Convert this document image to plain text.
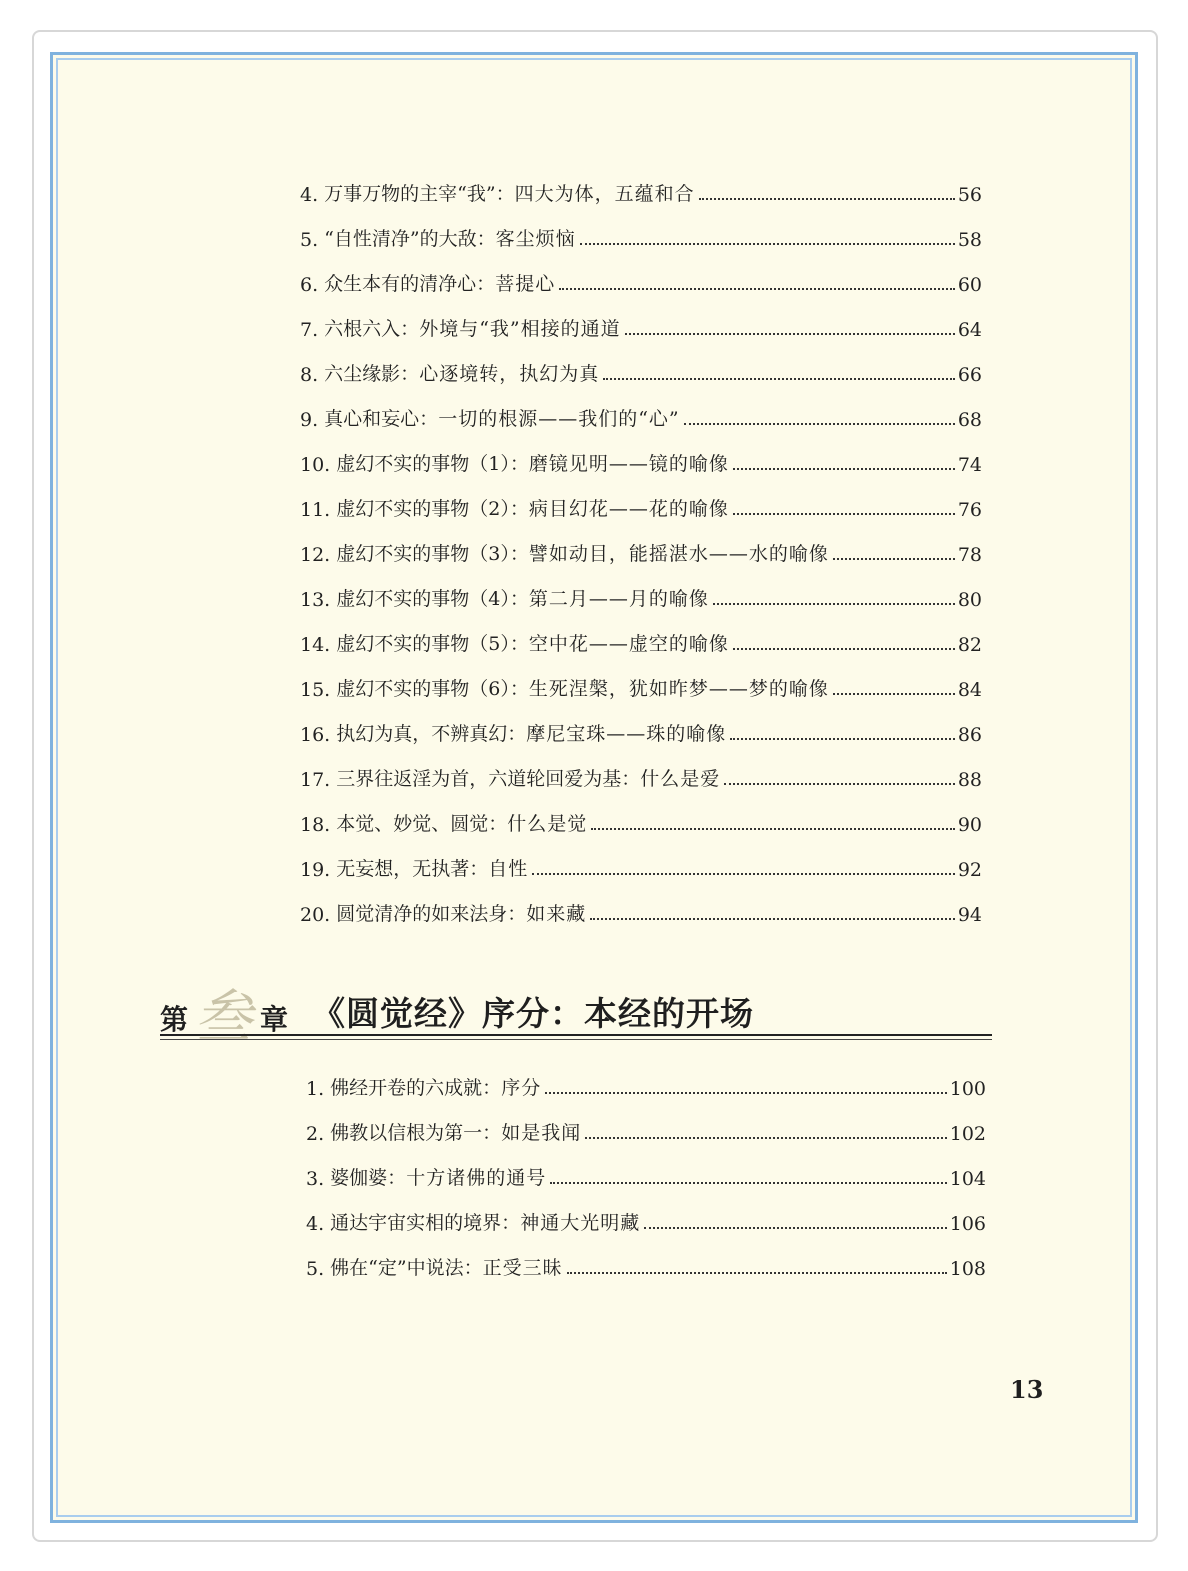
4. 万事万物的主宰“我”： 四大为体，五蕴和合	56
5. “自性清净”的大敌： 客尘烦恼	58
6. 众生本有的清净心： 菩提心	60
7. 六根六入： 外境与“我”相接的通道	64
8. 六尘缘影： 心逐境转，执幻为真	66
9. 真心和妄心： 一切的根源——我们的“心”	68
10. 虚幻不实的事物（1）： 磨镜见明——镜的喻像	74
11. 虚幻不实的事物（2）： 病目幻花——花的喻像	76
12. 虚幻不实的事物（3）： 譬如动目，能摇湛水——水的喻像	78
13. 虚幻不实的事物（4）： 第二月——月的喻像	80
14. 虚幻不实的事物（5）： 空中花——虚空的喻像	82
15. 虚幻不实的事物（6）： 生死涅槃，犹如昨梦——梦的喻像	84
16. 执幻为真，不辨真幻： 摩尼宝珠——珠的喻像	86
17. 三界往返淫为首，六道轮回爱为基： 什么是爱	88
18. 本觉、妙觉、圆觉： 什么是觉	90
19. 无妄想，无执著： 自性	92
20. 圆觉清净的如来法身： 如来藏	94
第 叁 章 《圆觉经》序分：本经的开场
1. 佛经开卷的六成就： 序分	100
2. 佛教以信根为第一： 如是我闻	102
3. 婆伽婆： 十方诸佛的通号	104
4. 通达宇宙实相的境界： 神通大光明藏	106
5. 佛在“定”中说法： 正受三昧	108
13
